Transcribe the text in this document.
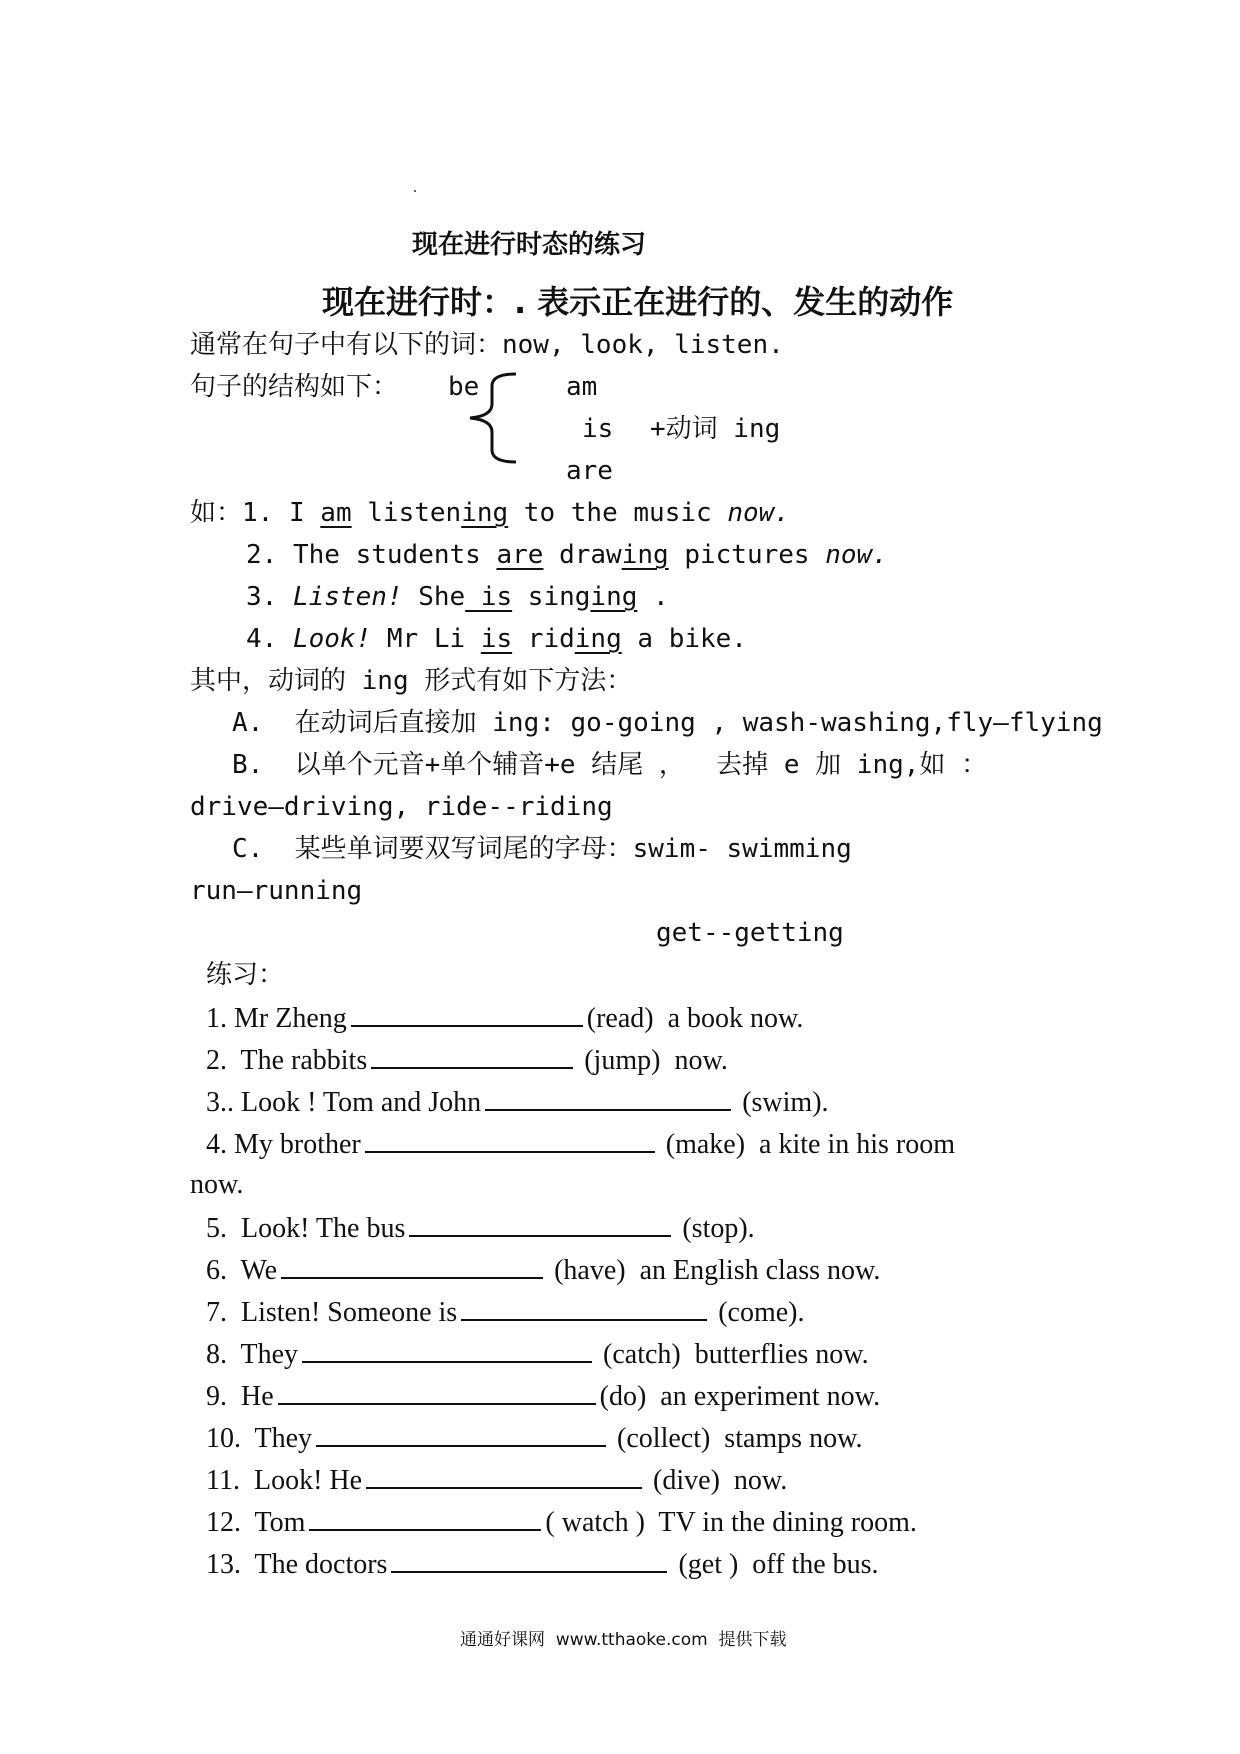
现在进行时态的练习
现在进行时：. 表示正在进行的、发生的动作
通常在句子中有以下的词：now, look, listen.
句子的结构如下： be	am
is +动词 ing
are
如：1. I am listening to the music now.
2. The students are drawing pictures now.
3. Listen! She is singing .
4. Look! Mr Li is riding a bike.
其中，动词的 ing 形式有如下方法：
A.  在动词后直接加 ing: go-going , wash-washing,fly—flying
B.  以单个元音+单个辅音+e 结尾 ，  去掉 e 加 ing,如 ：
drive—driving, ride--riding
C.  某些单词要双写词尾的字母：swim- swimming
run—running
get--getting
练习：
1. Mr Zheng	(read)  a book now.
2.  The rabbits	(jump)  now.
3.. Look ! Tom and John	(swim).
4. My brother	(make)  a kite in his room
now.
5.  Look! The bus	(stop).
6.  We	(have)  an English class now.
7.  Listen! Someone is	(come).
8.  They	(catch)  butterflies now.
9.  He	(do)  an experiment now.
10.  They	(collect)  stamps now.
11.  Look! He	(dive)  now.
12.  Tom	( watch )  TV in the dining room.
13.  The doctors	(get )  off the bus.
通通好课网  www.tthaoke.com  提供下载
